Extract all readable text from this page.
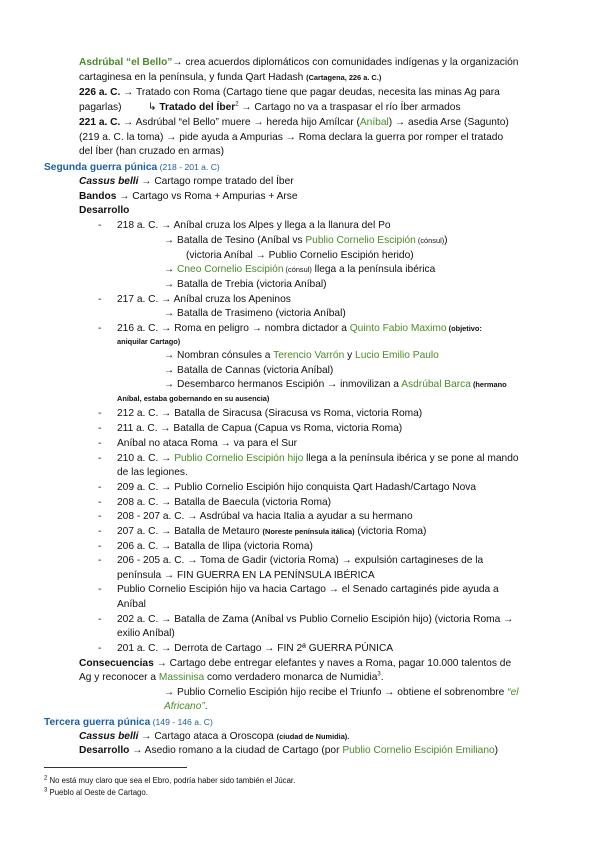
Asdrúbal “el Bello”→ crea acuerdos diplomáticos con comunidades indígenas y la organización
cartaginesa en la península, y funda Qart Hadash (Cartagena, 226 a. C.)
226 a. C. → Tratado con Roma (Cartago tiene que pagar deudas, necesita las minas Ag para
pagarlas)	↳ Tratado del Íber$^2$ → Cartago no va a traspasar el río Íber armados
221 a. C. → Asdrúbal “el Bello” muere → hereda hijo Amílcar (Aníbal) → asedia Arse (Sagunto)
(219 a. C. la toma) → pide ayuda a Ampurias → Roma declara la guerra por romper el tratado
del Íber (han cruzado en armas)
Segunda guerra púnica (218 - 201 a. C)
Cassus belli → Cartago rompe tratado del Íber
Bandos → Cartago vs Roma + Ampurias + Arse
Desarrollo
- 218 a. C. → Aníbal cruza los Alpes y llega a la llanura del Po
→ Batalla de Tesino (Aníbal vs Publio Cornelio Escipión (cónsul))
(victoria Aníbal → Publio Cornelio Escipión herido)
→ Cneo Cornelio Escipión (cónsul) llega a la península ibérica
→ Batalla de Trebia (victoria Aníbal)
- 217 a. C. → Aníbal cruza los Apeninos
→ Batalla de Trasimeno (victoria Aníbal)
- 216 a. C. → Roma en peligro → nombra dictador a Quinto Fabio Maximo (objetivo:
aniquilar Cartago)
→ Nombran cónsules a Terencio Varrón y Lucio Emilio Paulo
→ Batalla de Cannas (victoria Aníbal)
→ Desembarco hermanos Escipión → inmovilizan a Asdrúbal Barca (hermano
Aníbal, estaba gobernando en su ausencia)
- 212 a. C. → Batalla de Siracusa (Siracusa vs Roma, victoria Roma)
- 211 a. C. → Batalla de Capua (Capua vs Roma, victoria Roma)
- Aníbal no ataca Roma → va para el Sur
- 210 a. C. → Publio Cornelio Escipión hijo llega a la península ibérica y se pone al mando
de las legiones.
- 209 a. C. → Publio Cornelio Escipión hijo conquista Qart Hadash/Cartago Nova
- 208 a. C. → Batalla de Baecula (victoria Roma)
- 208 - 207 a. C. → Asdrúbal va hacia Italia a ayudar a su hermano
- 207 a. C. → Batalla de Metauro (Noreste península itálica) (victoria Roma)
- 206 a. C. → Batalla de Ilipa (victoria Roma)
- 206 - 205 a. C. → Toma de Gadir (victoria Roma) → expulsión cartagineses de la
península → FIN GUERRA EN LA PENÍNSULA IBÉRICA
- Publio Cornelio Escipión hijo va hacia Cartago → el Senado cartaginés pide ayuda a
Aníbal
- 202 a. C. → Batalla de Zama (Aníbal vs Publio Cornelio Escipión hijo) (victoria Roma →
exilio Aníbal)
- 201 a. C. → Derrota de Cartago → FIN 2ª GUERRA PÚNICA
Consecuencias → Cartago debe entregar elefantes y naves a Roma, pagar 10.000 talentos de
Ag y reconocer a Massinisa como verdadero monarca de Numidia$^3$.
→ Publio Cornelio Escipión hijo recibe el Triunfo → obtiene el sobrenombre “el
Africano”.
Tercera guerra púnica (149 - 146 a. C)
Cassus belli → Cartago ataca a Oroscopa (ciudad de Numidia).
Desarrollo → Asedio romano a la ciudad de Cartago (por Publio Cornelio Escipión Emiliano)
$^2$ No está muy claro que sea el Ebro, podría haber sido también el Júcar.
$^3$ Pueblo al Oeste de Cartago.
